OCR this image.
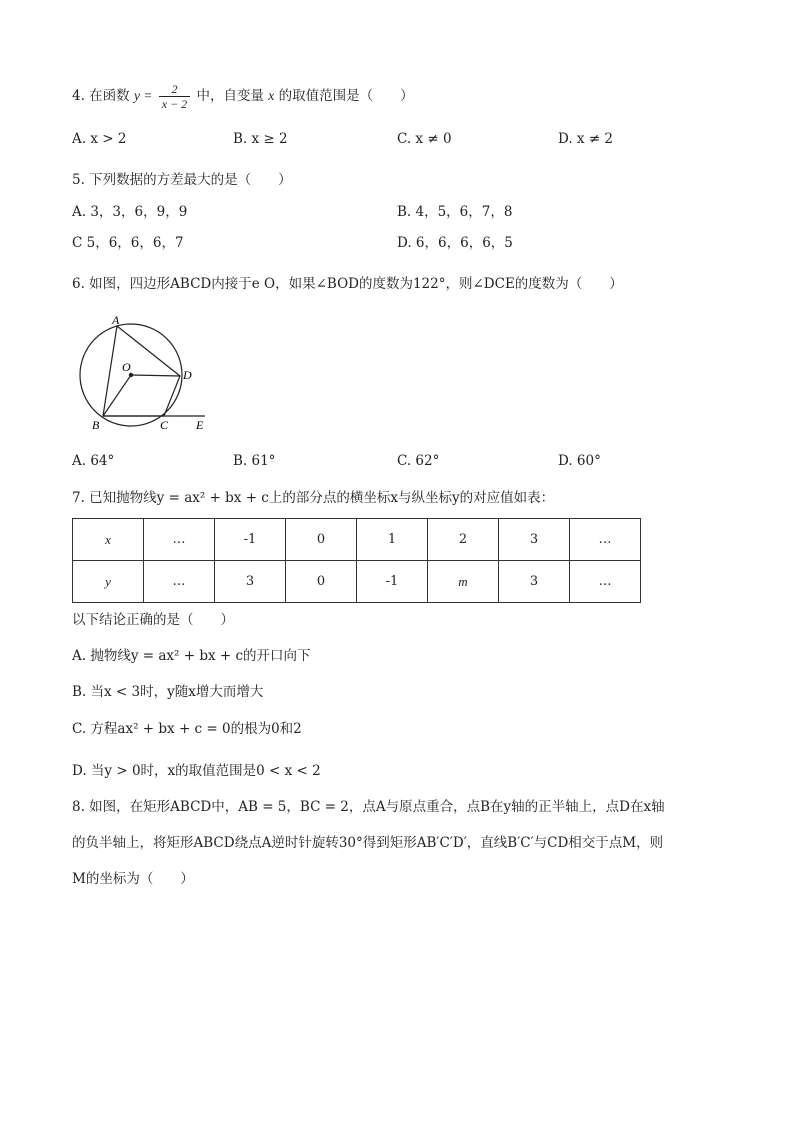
4. 在函数 $y = \frac{2}{x - 2}$ 中，自变量 x 的取值范围是（　　）
A. x > 2	B. x ≥ 2	C. x ≠ 0	D. x ≠ 2
5. 下列数据的方差最大的是（　　）
A. 3，3，6，9，9	B. 4，5，6，7，8
C 5，6，6，6，7	D. 6，6，6，6，5
6. 如图，四边形ABCD内接于e O，如果∠BOD的度数为122°，则∠DCE的度数为（　　）
A
O
D
B	C E
A. 64°	B. 61°	C. 62°	D. 60°
7. 已知抛物线y = ax² + bx + c上的部分点的横坐标x与纵坐标y的对应值如表：
x	…	-1	0	1	2	3	…
y	…	3	0	-1	m	3	…
以下结论正确的是（　　）
A. 抛物线y = ax² + bx + c的开口向下
B. 当x < 3时，y随x增大而增大
C. 方程ax² + bx + c = 0的根为0和2
D. 当y > 0时，x的取值范围是0 < x < 2
8. 如图，在矩形ABCD中，AB = 5，BC = 2，点A与原点重合，点B在y轴的正半轴上，点D在x轴
的负半轴上，将矩形ABCD绕点A逆时针旋转30°得到矩形AB′C′D′，直线B′C′与CD相交于点M，则
M的坐标为（　　）
